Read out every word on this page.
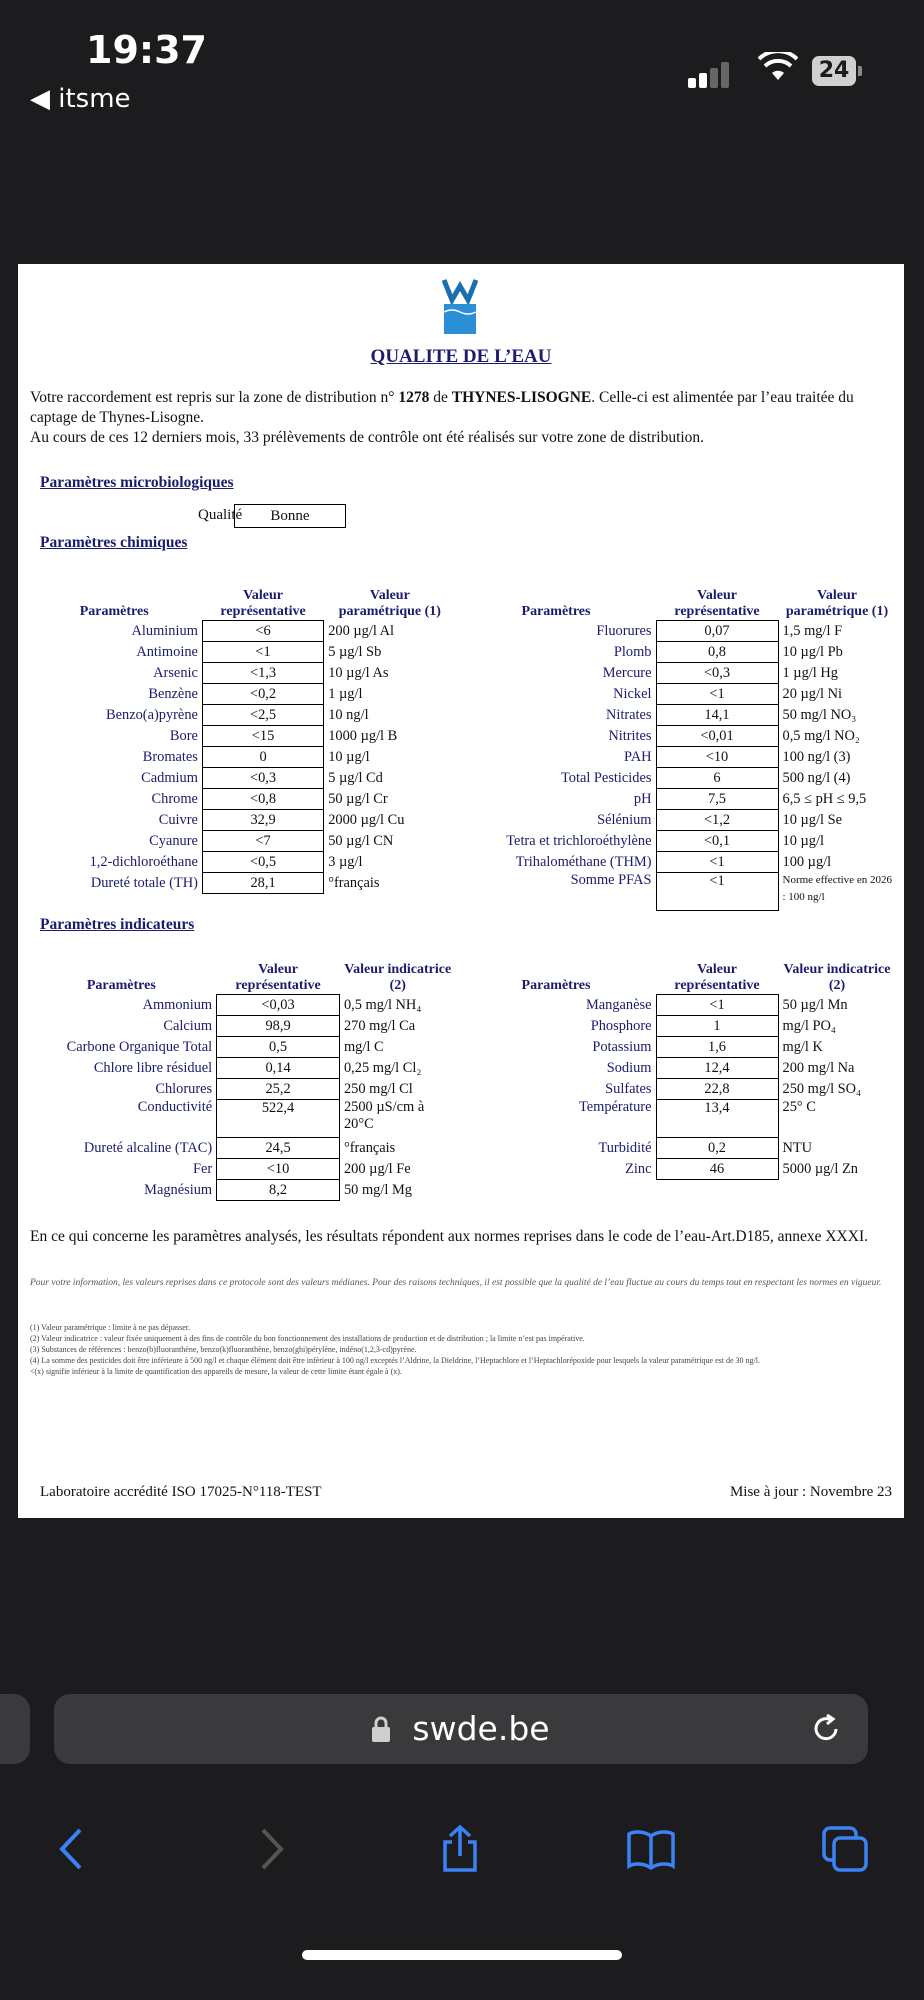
19:37
◀ itsme
24
QUALITE DE L’EAU
Votre raccordement est repris sur la zone de distribution n° 1278 de THYNES-LISOGNE. Celle-ci est alimentée par l’eau traitée du captage de Thynes-Lisogne.
Au cours de ces 12 derniers mois, 33 prélèvements de contrôle ont été réalisés sur votre zone de distribution.
Paramètres microbiologiques
Qualité	Bonne
Paramètres chimiques
Paramètres	Valeur représentative	Valeur paramétrique (1)
Aluminium	<6	200 µg/l Al
Antimoine	<1	5 µg/l Sb
Arsenic	<1,3	10 µg/l As
Benzène	<0,2	1 µg/l
Benzo(a)pyrène	<2,5	10 ng/l
Bore	<15	1000 µg/l B
Bromates	0	10 µg/l
Cadmium	<0,3	5 µg/l Cd
Chrome	<0,8	50 µg/l Cr
Cuivre	32,9	2000 µg/l Cu
Cyanure	<7	50 µg/l CN
1,2-dichloroéthane	<0,5	3 µg/l
Dureté totale (TH)	28,1	°français
Paramètres	Valeur représentative	Valeur paramétrique (1)
Fluorures	0,07	1,5 mg/l F
Plomb	0,8	10 µg/l Pb
Mercure	<0,3	1 µg/l Hg
Nickel	<1	20 µg/l Ni
Nitrates	14,1	50 mg/l NO₃
Nitrites	<0,01	0,5 mg/l NO₂
PAH	<10	100 ng/l (3)
Total Pesticides	6	500 ng/l (4)
pH	7,5	6,5 ≤ pH ≤ 9,5
Sélénium	<1,2	10 µg/l Se
Tetra et trichloroéthylène	<0,1	10 µg/l
Trihalométhane (THM)	<1	100 µg/l
Somme PFAS	<1	Norme effective en 2026 : 100 ng/l
Paramètres indicateurs
Paramètres	Valeur représentative	Valeur indicatrice (2)
Ammonium	<0,03	0,5 mg/l NH₄
Calcium	98,9	270 mg/l Ca
Carbone Organique Total	0,5	mg/l C
Chlore libre résiduel	0,14	0,25 mg/l Cl₂
Chlorures	25,2	250 mg/l Cl
Conductivité	522,4	2500 µS/cm à 20°C
Dureté alcaline (TAC)	24,5	°français
Fer	<10	200 µg/l Fe
Magnésium	8,2	50 mg/l Mg
Paramètres	Valeur représentative	Valeur indicatrice (2)
Manganèse	<1	50 µg/l Mn
Phosphore	1	mg/l PO₄
Potassium	1,6	mg/l K
Sodium	12,4	200 mg/l Na
Sulfates	22,8	250 mg/l SO₄
Température	13,4	25° C
Turbidité	0,2	NTU
Zinc	46	5000 µg/l Zn
En ce qui concerne les paramètres analysés, les résultats répondent aux normes reprises dans le code de l’eau-Art.D185, annexe XXXI.
Pour votre information, les valeurs reprises dans ce protocole sont des valeurs médianes. Pour des raisons techniques, il est possible que la qualité de l’eau fluctue au cours du temps tout en respectant les normes en vigueur.
(1) Valeur paramétrique : limite à ne pas dépasser.
(2) Valeur indicatrice : valeur fixée uniquement à des fins de contrôle du bon fonctionnement des installations de production et de distribution ; la limite n’est pas impérative.
(3) Substances de références : benzo(b)fluoranthène, benzo(k)fluoranthène, benzo(ghi)pérylène, indéno(1,2,3-cd)pyrène.
(4) La somme des pesticides doit être inférieure à 500 ng/l et chaque élément doit être inférieur à 100 ng/l exceptés l’Aldrine, la Dieldrine, l’Heptachlore et l’Heptachlorépoxide pour lesquels la valeur paramétrique est de 30 ng/l.
<(x) signifie inférieur à la limite de quantification des appareils de mesure, la valeur de cette limite étant égale à (x).
Laboratoire accrédité ISO 17025-N°118-TEST	Mise à jour : Novembre 23
swde.be
